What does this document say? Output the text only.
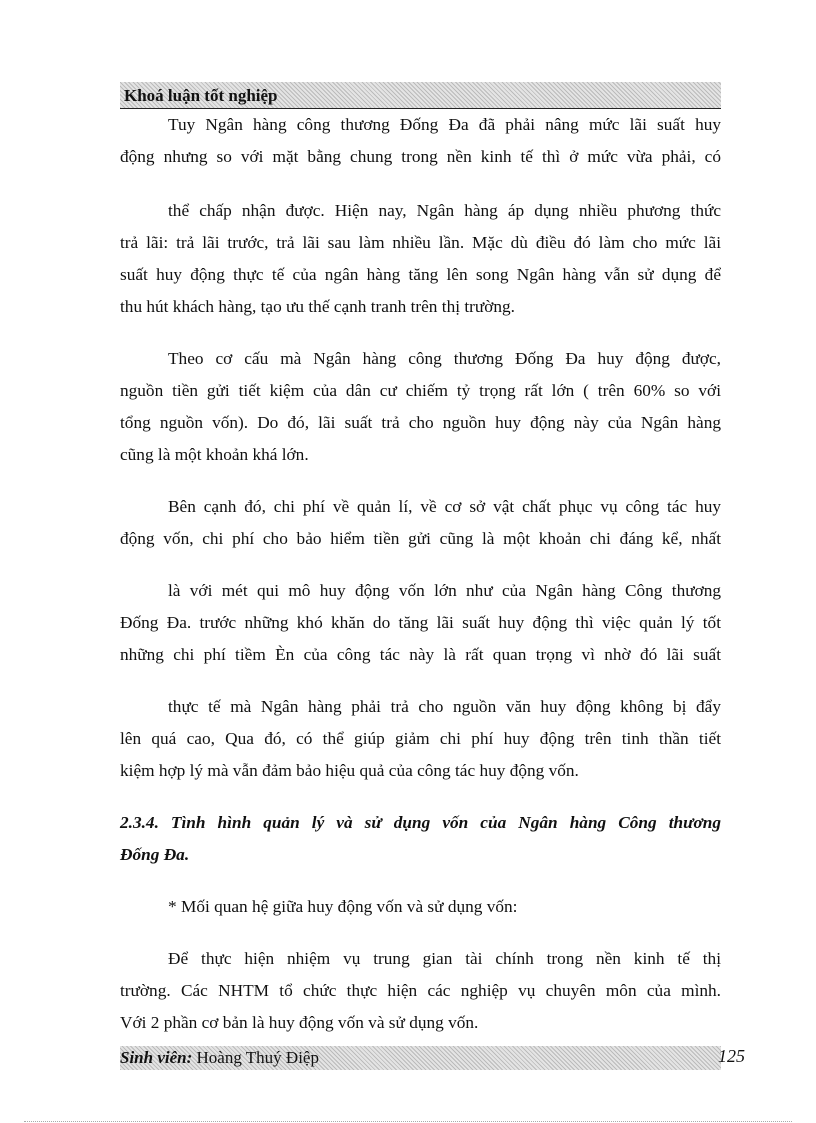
Khoá luận tốt nghiệp
Tuy Ngân hàng công thương Đống Đa đã phải nâng mức lãi suất huy
động nhưng so với mặt bằng chung trong nền kinh tế thì ở mức vừa phải, có
thể chấp nhận được. Hiện nay, Ngân hàng áp dụng nhiều phương thức
trả lãi: trả lãi trước, trả lãi sau làm nhiều lần. Mặc dù điều đó làm cho mức lãi
suất huy động thực tế của ngân hàng tăng lên song Ngân hàng vẫn sử dụng để
thu hút khách hàng, tạo ưu thế cạnh tranh trên thị trường.
Theo cơ cấu mà Ngân hàng công thương Đống Đa huy động được,
nguồn tiền gửi tiết kiệm của dân cư chiếm tỷ trọng rất lớn ( trên 60% so với
tổng nguồn vốn). Do đó, lãi suất trả cho nguồn huy động này của Ngân hàng
cũng là một khoản khá lớn.
Bên cạnh đó, chi phí về quản lí, về cơ sở vật chất phục vụ công tác huy
động vốn, chi phí cho bảo hiểm tiền gửi cũng là một khoản chi đáng kể, nhất
là với mét qui mô huy động vốn lớn như của Ngân hàng Công thương
Đống Đa. trước những khó khăn do tăng lãi suất huy động thì việc quản lý tốt
những chi phí tiềm Èn của công tác này là rất quan trọng vì nhờ đó lãi suất
thực tế mà Ngân hàng phải trả cho nguồn văn huy động không bị đẩy
lên quá cao, Qua đó, có thể giúp giảm chi phí huy động trên tinh thần tiết
kiệm hợp lý mà vẫn đảm bảo hiệu quả của công tác huy động vốn.
2.3.4. Tình hình quản lý và sử dụng vốn của Ngân hàng Công thương
Đống Đa.
* Mối quan hệ giữa huy động vốn và sử dụng vốn:
Để thực hiện nhiệm vụ trung gian tài chính trong nền kinh tế thị
trường. Các NHTM tổ chức thực hiện các nghiệp vụ chuyên môn của mình.
Với 2 phần cơ bản là huy động vốn và sử dụng vốn.
Sinh viên: Hoàng Thuý Điệp	125
